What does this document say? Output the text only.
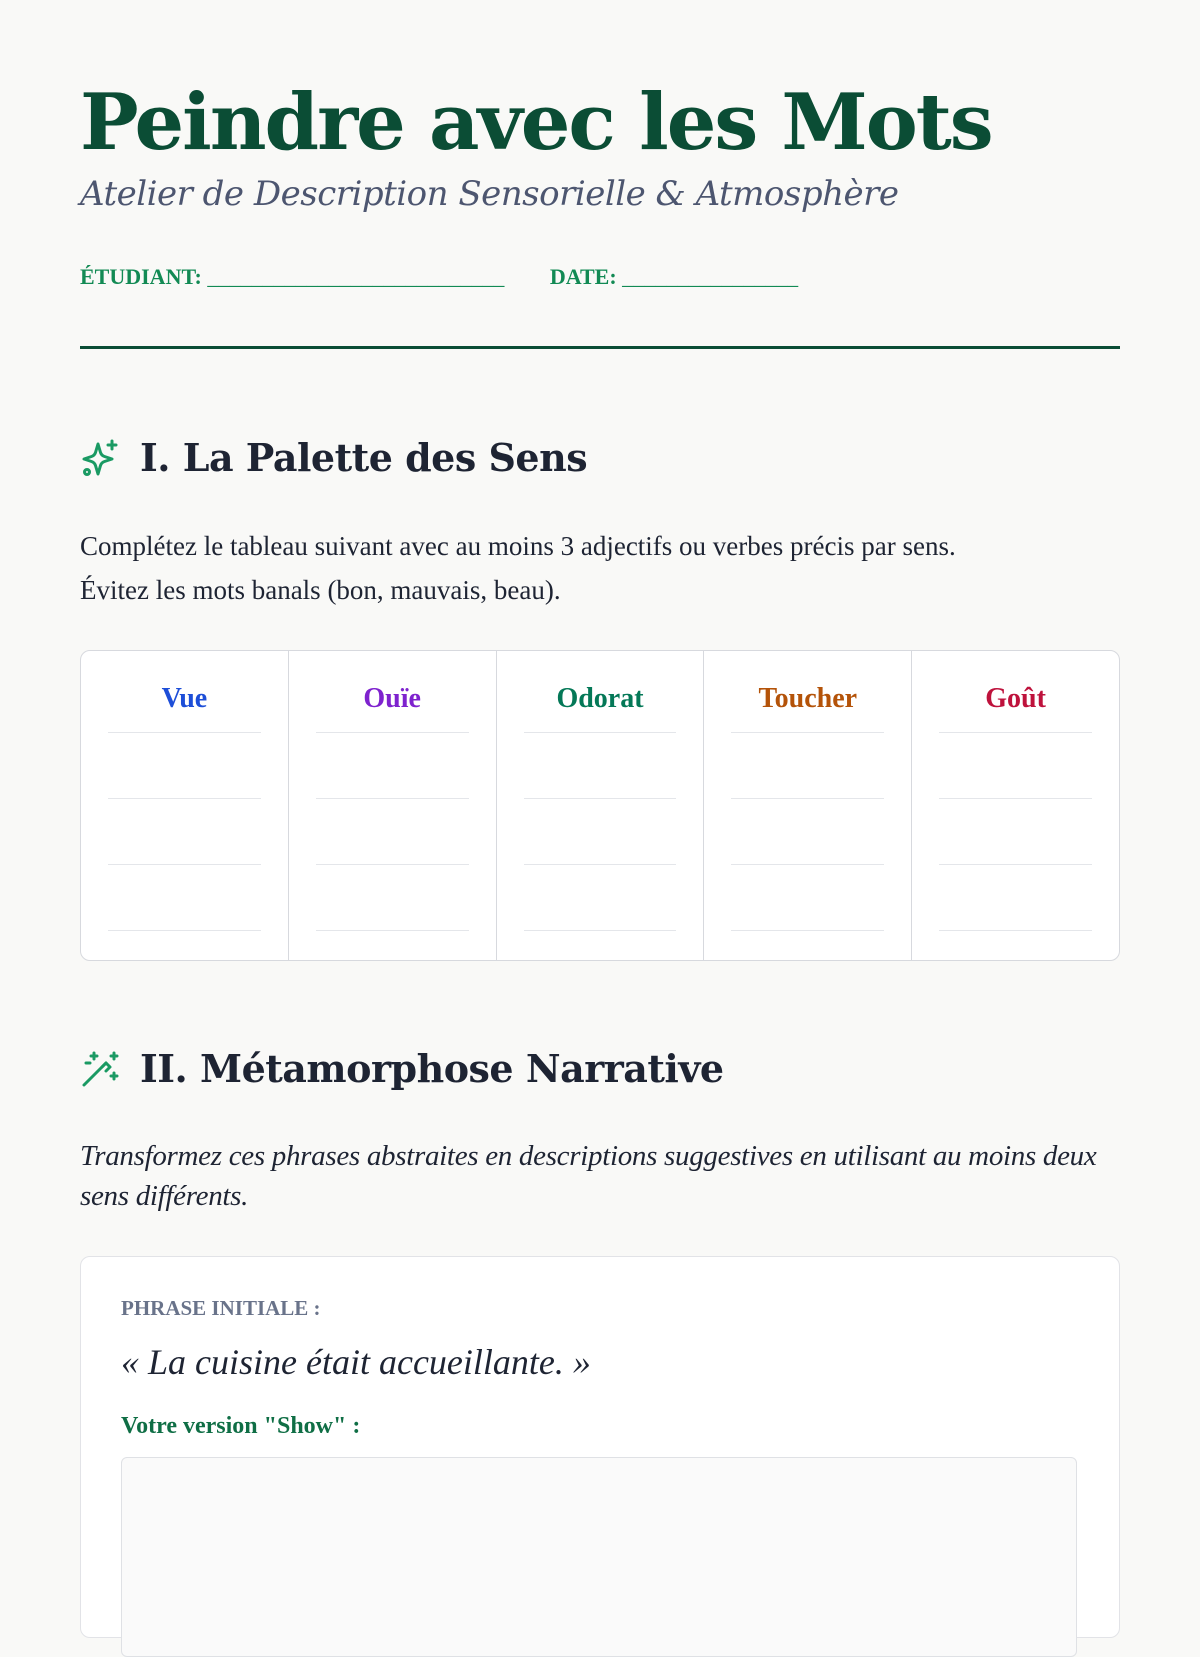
Peindre avec les Mots
Atelier de Description Sensorielle & Atmosphère
ÉTUDIANT: ___________________________ DATE: ________________
I. La Palette des Sens

Complétez le tableau suivant avec au moins 3 adjectifs ou verbes précis par sens.
Évitez les mots banals (bon, mauvais, beau).

Vue	Ouïe	Odorat	Toucher	Goût
II. Métamorphose Narrative

Transformez ces phrases abstraites en descriptions suggestives en utilisant au moins deux sens différents.

PHRASE INITIALE :
« La cuisine était accueillante. »
Votre version "Show" :
